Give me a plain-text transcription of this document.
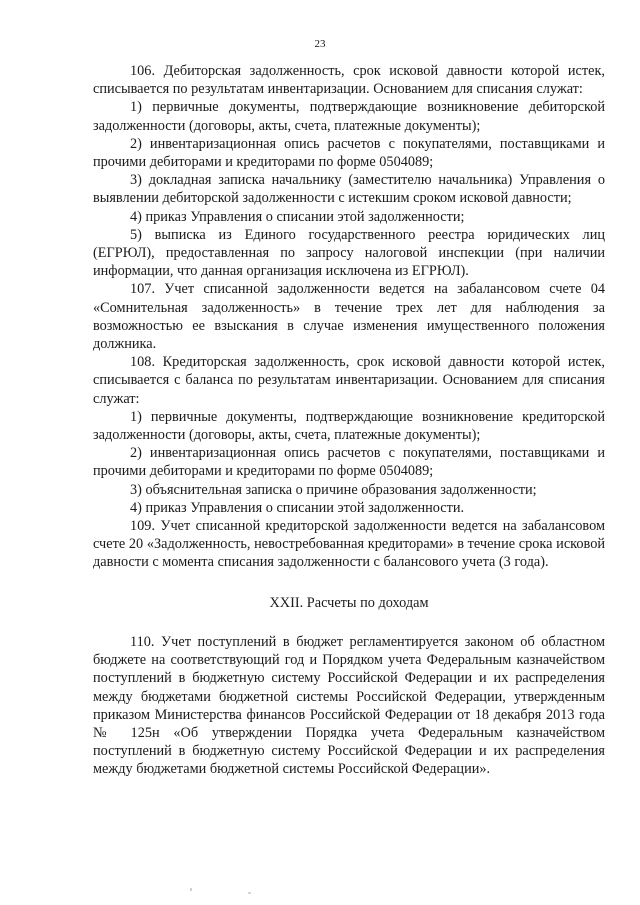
23

106. Дебиторская задолженность, срок исковой давности которой истек, списывается по результатам инвентаризации. Основанием для списания служат:

1) первичные документы, подтверждающие возникновение дебиторской задолженности (договоры, акты, счета, платежные документы);

2) инвентаризационная опись расчетов с покупателями, поставщиками и прочими дебиторами и кредиторами по форме 0504089;

3) докладная записка начальнику (заместителю начальника) Управления о выявлении дебиторской задолженности с истекшим сроком исковой давности;

4) приказ Управления о списании этой задолженности;

5) выписка из Единого государственного реестра юридических лиц (ЕГРЮЛ), предоставленная по запросу налоговой инспекции (при наличии информации, что данная организация исключена из ЕГРЮЛ).

107. Учет списанной задолженности ведется на забалансовом счете 04 «Сомнительная задолженность» в течение трех лет для наблюдения за возможностью ее взыскания в случае изменения имущественного положения должника.

108. Кредиторская задолженность, срок исковой давности которой истек, списывается с баланса по результатам инвентаризации. Основанием для списания служат:

1) первичные документы, подтверждающие возникновение кредиторской задолженности (договоры, акты, счета, платежные документы);

2) инвентаризационная опись расчетов с покупателями, поставщиками и прочими дебиторами и кредиторами по форме 0504089;

3) объяснительная записка о причине образования задолженности;

4) приказ Управления о списании этой задолженности.

109. Учет списанной кредиторской задолженности ведется на забалансовом счете 20 «Задолженность, невостребованная кредиторами» в течение срока исковой давности с момента списания задолженности с балансового учета (3 года).

XXII. Расчеты по доходам

110. Учет поступлений в бюджет регламентируется законом об областном бюджете на соответствующий год и Порядком учета Федеральным казначейством поступлений в бюджетную систему Российской Федерации и их распределения между бюджетами бюджетной системы Российской Федерации, утвержденным приказом Министерства финансов Российской Федерации от 18 декабря 2013 года № 125н «Об утверждении Порядка учета Федеральным казначейством поступлений в бюджетную систему Российской Федерации и их распределения между бюджетами бюджетной системы Российской Федерации».
